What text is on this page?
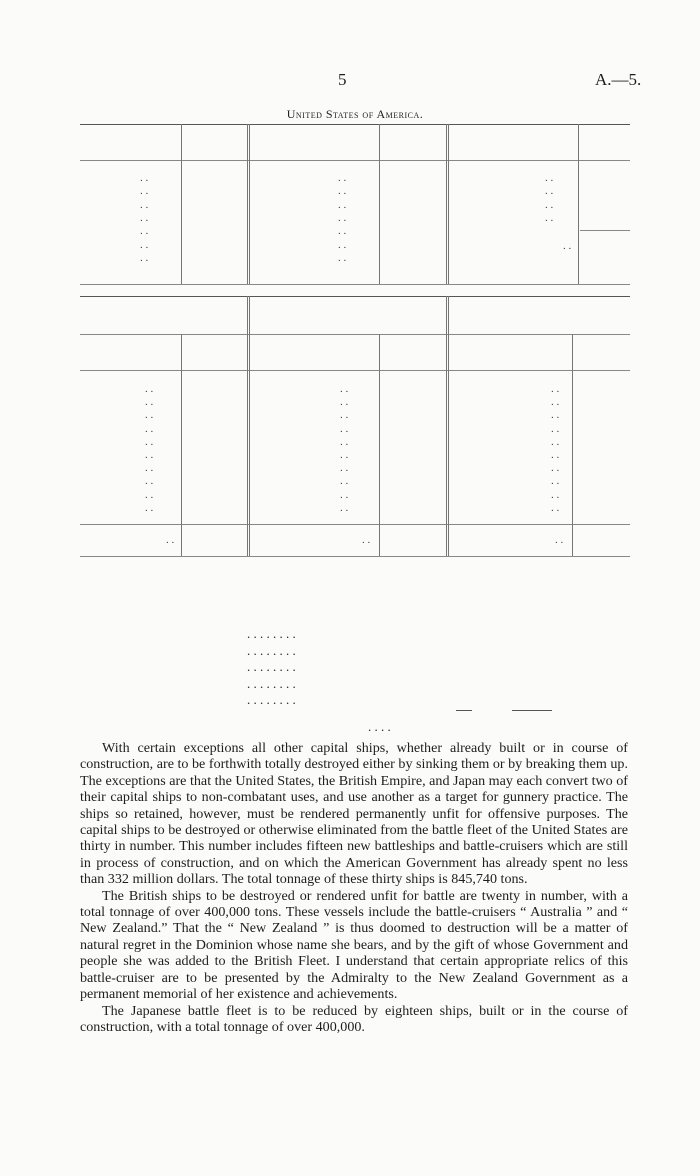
5	A.—5.
United States of America.
. .
. .
. .
. .
. .
. .
. .
. .
. .
. .
. .
. .
. .
. .
. .
. .
. .
. .
. .
. .
. .
. .
. .
. .
. .
. .
. .
. .
. .
. .
. .
. .
. .
. .
. .
. .
. .
. .
. .
. .
. .
. .
. .
. .
. .
. .
. .
. .
. .
. .
. .
. .
. . . . . . . .
. . . . . . . .
. . . . . . . .
. . . . . . . .
. . . . . . . .
. . . .

With certain exceptions all other capital ships, whether already built or in course of construction, are to be forthwith totally destroyed either by sinking them or by breaking them up. The exceptions are that the United States, the British Empire, and Japan may each convert two of their capital ships to non-combatant uses, and use another as a target for gunnery practice. The ships so retained, however, must be rendered permanently unfit for offensive purposes. The capital ships to be destroyed or otherwise eliminated from the battle fleet of the United States are thirty in number. This number includes fifteen new battleships and battle-cruisers which are still in process of construction, and on which the American Government has already spent no less than 332 million dollars. The total tonnage of these thirty ships is 845,740 tons.

The British ships to be destroyed or rendered unfit for battle are twenty in number, with a total tonnage of over 400,000 tons. These vessels include the battle-cruisers “ Australia ” and “ New Zealand.” That the “ New Zealand ” is thus doomed to destruction will be a matter of natural regret in the Dominion whose name she bears, and by the gift of whose Government and people she was added to the British Fleet. I understand that certain appropriate relics of this battle-cruiser are to be presented by the Admiralty to the New Zealand Government as a permanent memorial of her existence and achievements.

The Japanese battle fleet is to be reduced by eighteen ships, built or in the course of construction, with a total tonnage of over 400,000.
